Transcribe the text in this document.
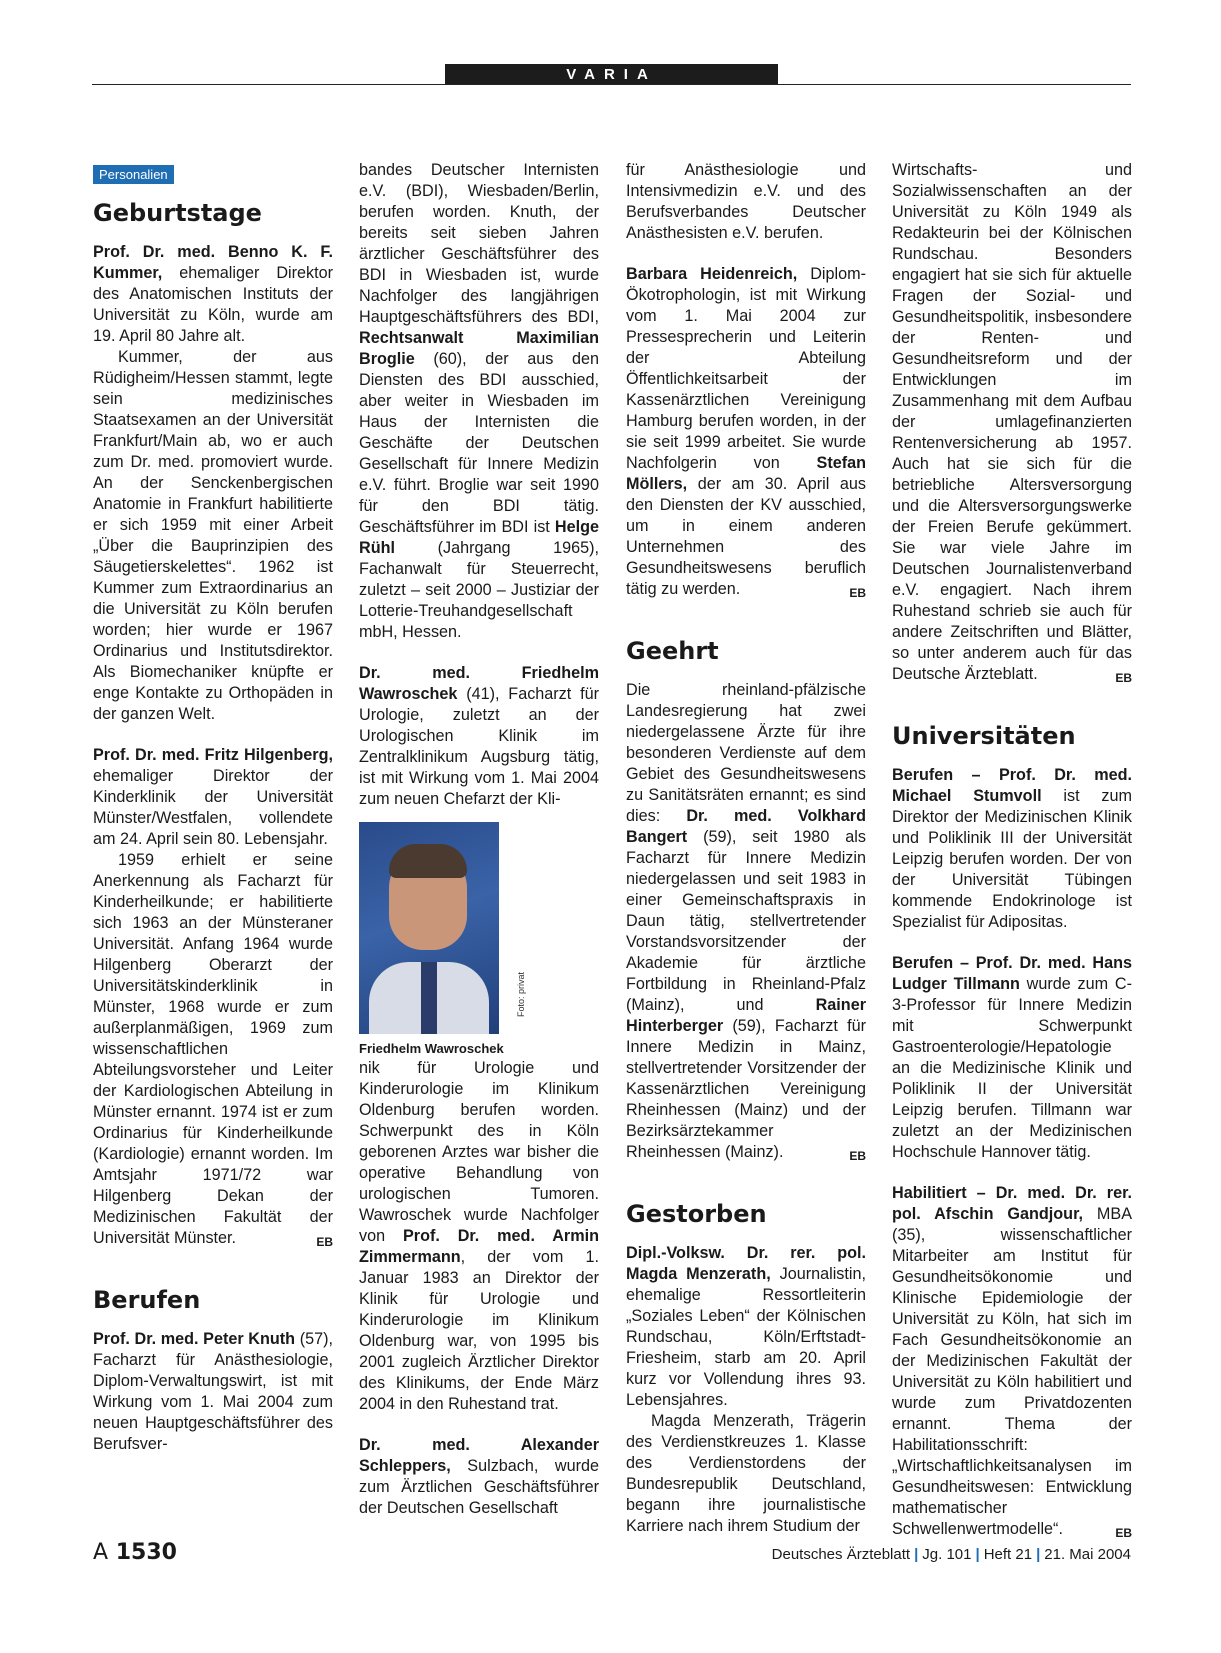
VARIA
Personalien
Geburtstage

Prof. Dr. med. Benno K. F. Kummer, ehemaliger Direktor des Anatomischen Instituts der Universität zu Köln, wurde am 19. April 80 Jahre alt.

Kummer, der aus Rüdigheim/Hessen stammt, legte sein medizinisches Staatsexamen an der Universität Frankfurt/Main ab, wo er auch zum Dr. med. promoviert wurde. An der Senckenbergischen Anatomie in Frankfurt habilitierte er sich 1959 mit einer Arbeit „Über die Bauprinzipien des Säugetierskelettes“. 1962 ist Kummer zum Extraordinarius an die Universität zu Köln berufen worden; hier wurde er 1967 Ordinarius und Institutsdirektor. Als Biomechaniker knüpfte er enge Kontakte zu Orthopäden in der ganzen Welt.

Prof. Dr. med. Fritz Hilgenberg, ehemaliger Direktor der Kinderklinik der Universität Münster/Westfalen, vollendete am 24. April sein 80. Lebensjahr.

1959 erhielt er seine Anerkennung als Facharzt für Kinderheilkunde; er habilitierte sich 1963 an der Münsteraner Universität. Anfang 1964 wurde Hilgenberg Oberarzt der Universitätskinderklinik in Münster, 1968 wurde er zum außerplanmäßigen, 1969 zum wissenschaftlichen Abteilungsvorsteher und Leiter der Kardiologischen Abteilung in Münster ernannt. 1974 ist er zum Ordinarius für Kinderheilkunde (Kardiologie) ernannt worden. Im Amtsjahr 1971/72 war Hilgenberg Dekan der Medizinischen Fakultät der Universität Münster.	EB

Berufen

Prof. Dr. med. Peter Knuth (57), Facharzt für Anästhesiologie, Diplom-Verwaltungswirt, ist mit Wirkung vom 1. Mai 2004 zum neuen Hauptgeschäftsführer des Berufsver-

bandes Deutscher Internisten e.V. (BDI), Wiesbaden/Berlin, berufen worden. Knuth, der bereits seit sieben Jahren ärztlicher Geschäftsführer des BDI in Wiesbaden ist, wurde Nachfolger des langjährigen Hauptgeschäftsführers des BDI, Rechtsanwalt Maximilian Broglie (60), der aus den Diensten des BDI ausschied, aber weiter in Wiesbaden im Haus der Internisten die Geschäfte der Deutschen Gesellschaft für Innere Medizin e.V. führt. Broglie war seit 1990 für den BDI tätig. Geschäftsführer im BDI ist Helge Rühl (Jahrgang 1965), Fachanwalt für Steuerrecht, zuletzt – seit 2000 – Justiziar der Lotterie-Treuhandgesellschaft mbH, Hessen.

Dr. med. Friedhelm Wawroschek (41), Facharzt für Urologie, zuletzt an der Urologischen Klinik im Zentralklinikum Augsburg tätig, ist mit Wirkung vom 1. Mai 2004 zum neuen Chefarzt der Kli-

Foto: privat

Friedhelm Wawroschek

nik für Urologie und Kinderurologie im Klinikum Oldenburg berufen worden. Schwerpunkt des in Köln geborenen Arztes war bisher die operative Behandlung von urologischen Tumoren. Wawroschek wurde Nachfolger von Prof. Dr. med. Armin Zimmermann, der vom 1. Januar 1983 an Direktor der Klinik für Urologie und Kinderurologie im Klinikum Oldenburg war, von 1995 bis 2001 zugleich Ärztlicher Direktor des Klinikums, der Ende März 2004 in den Ruhestand trat.

Dr. med. Alexander Schleppers, Sulzbach, wurde zum Ärztlichen Geschäftsführer der Deutschen Gesellschaft

für Anästhesiologie und Intensivmedizin e.V. und des Berufsverbandes Deutscher Anästhesisten e.V. berufen.

Barbara Heidenreich, Diplom-Ökotrophologin, ist mit Wirkung vom 1. Mai 2004 zur Pressesprecherin und Leiterin der Abteilung Öffentlichkeitsarbeit der Kassenärztlichen Vereinigung Hamburg berufen worden, in der sie seit 1999 arbeitet. Sie wurde Nachfolgerin von Stefan Möllers, der am 30. April aus den Diensten der KV ausschied, um in einem anderen Unternehmen des Gesundheitswesens beruflich tätig zu werden.	EB

Geehrt

Die rheinland-pfälzische Landesregierung hat zwei niedergelassene Ärzte für ihre besonderen Verdienste auf dem Gebiet des Gesundheitswesens zu Sanitätsräten ernannt; es sind dies: Dr. med. Volkhard Bangert (59), seit 1980 als Facharzt für Innere Medizin niedergelassen und seit 1983 in einer Gemeinschaftspraxis in Daun tätig, stellvertretender Vorstandsvorsitzender der Akademie für ärztliche Fortbildung in Rheinland-Pfalz (Mainz), und Rainer Hinterberger (59), Facharzt für Innere Medizin in Mainz, stellvertretender Vorsitzender der Kassenärztlichen Vereinigung Rheinhessen (Mainz) und der Bezirksärztekammer Rheinhessen (Mainz).	EB

Gestorben

Dipl.-Volksw. Dr. rer. pol. Magda Menzerath, Journalistin, ehemalige Ressortleiterin „Soziales Leben“ der Kölnischen Rundschau, Köln/Erftstadt-Friesheim, starb am 20. April kurz vor Vollendung ihres 93. Lebensjahres.

Magda Menzerath, Trägerin des Verdienstkreuzes 1. Klasse des Verdienstordens der Bundesrepublik Deutschland, begann ihre journalistische Karriere nach ihrem Studium der

Wirtschafts- und Sozialwissenschaften an der Universität zu Köln 1949 als Redakteurin bei der Kölnischen Rundschau. Besonders engagiert hat sie sich für aktuelle Fragen der Sozial- und Gesundheitspolitik, insbesondere der Renten- und Gesundheitsreform und der Entwicklungen im Zusammenhang mit dem Aufbau der umlagefinanzierten Rentenversicherung ab 1957. Auch hat sie sich für die betriebliche Altersversorgung und die Altersversorgungswerke der Freien Berufe gekümmert. Sie war viele Jahre im Deutschen Journalistenverband e.V. engagiert. Nach ihrem Ruhestand schrieb sie auch für andere Zeitschriften und Blätter, so unter anderem auch für das Deutsche Ärzteblatt.	EB

Universitäten

Berufen – Prof. Dr. med. Michael Stumvoll ist zum Direktor der Medizinischen Klinik und Poliklinik III der Universität Leipzig berufen worden. Der von der Universität Tübingen kommende Endokrinologe ist Spezialist für Adipositas.

Berufen – Prof. Dr. med. Hans Ludger Tillmann wurde zum C-3-Professor für Innere Medizin mit Schwerpunkt Gastroenterologie/Hepatologie an die Medizinische Klinik und Poliklinik II der Universität Leipzig berufen. Tillmann war zuletzt an der Medizinischen Hochschule Hannover tätig.

Habilitiert – Dr. med. Dr. rer. pol. Afschin Gandjour, MBA (35), wissenschaftlicher Mitarbeiter am Institut für Gesundheitsökonomie und Klinische Epidemiologie der Universität zu Köln, hat sich im Fach Gesundheitsökonomie an der Medizinischen Fakultät der Universität zu Köln habilitiert und wurde zum Privatdozenten ernannt. Thema der Habilitationsschrift: „Wirtschaftlichkeitsanalysen im Gesundheitswesen: Entwicklung mathematischer Schwellenwertmodelle“.	EB

A 1530	Deutsches Ärzteblatt | Jg. 101 | Heft 21 | 21. Mai 2004
